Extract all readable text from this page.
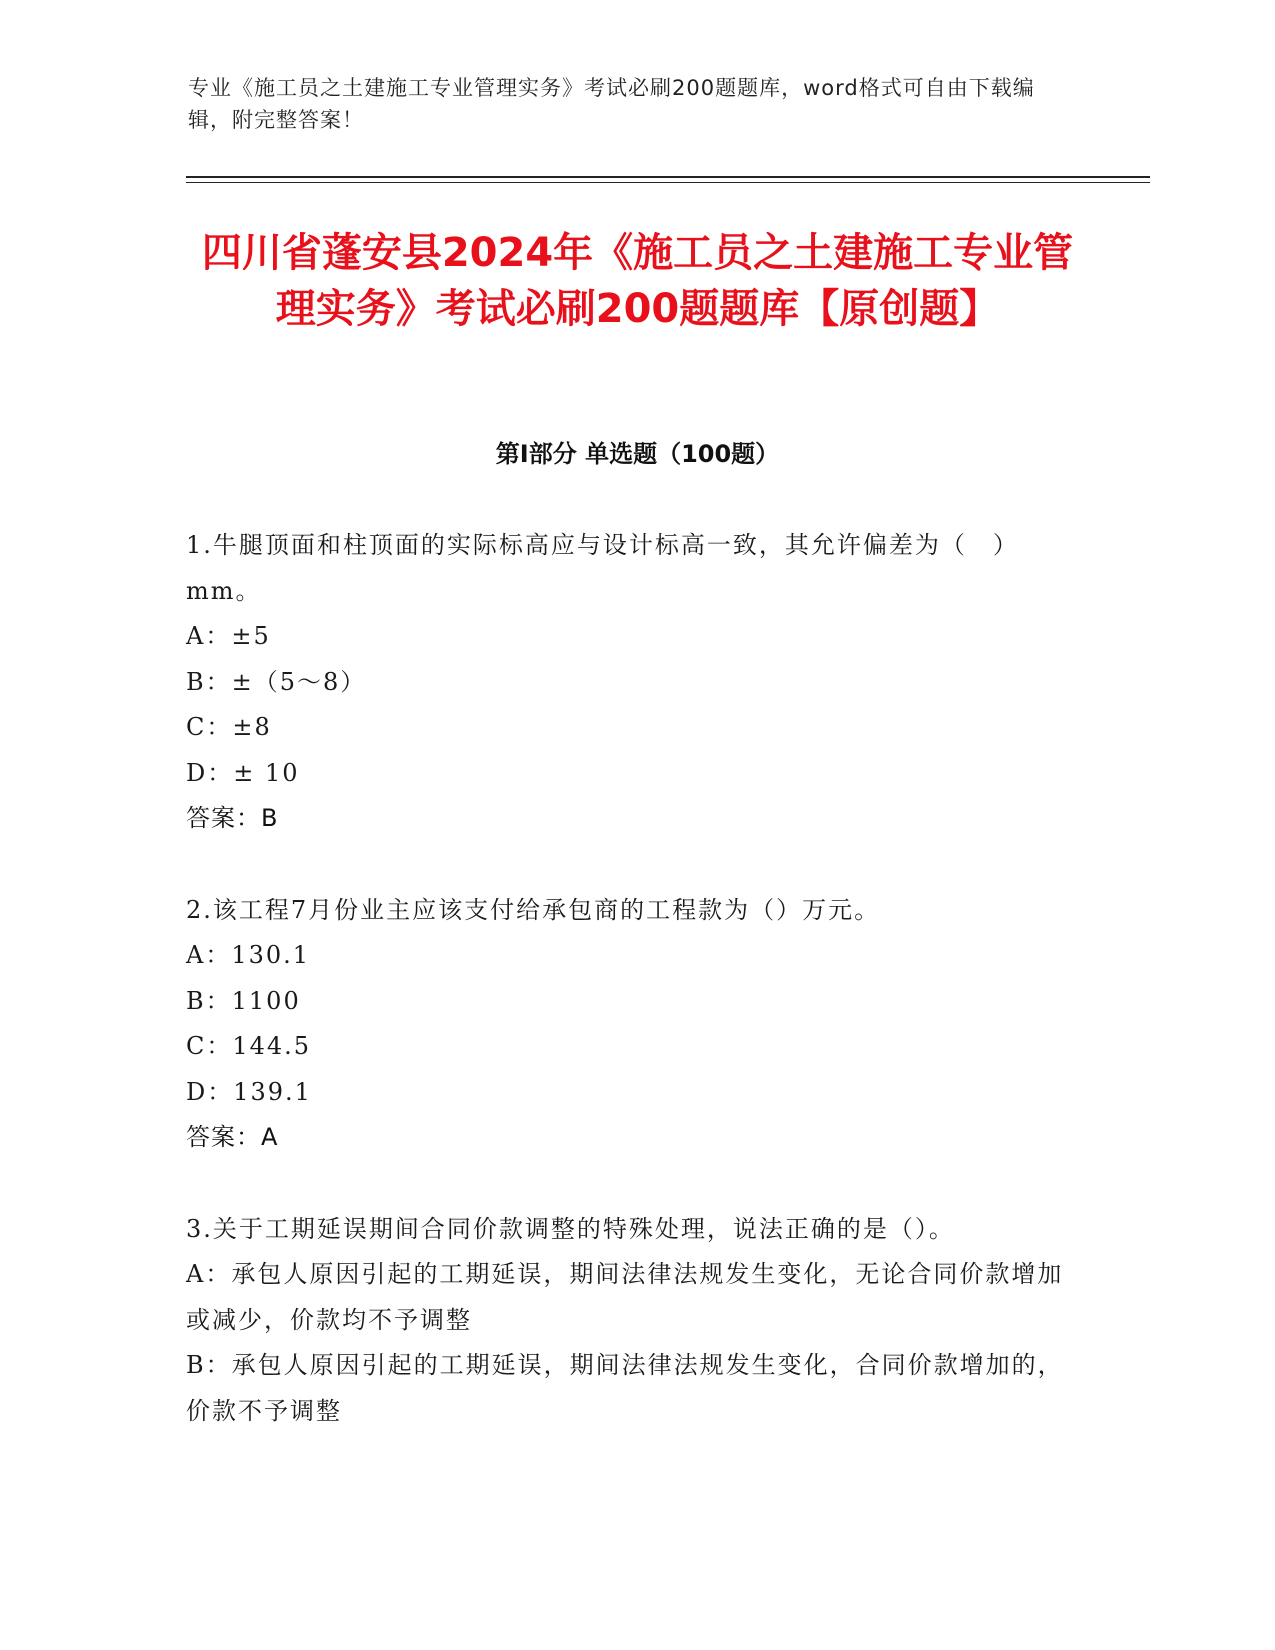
专业《施工员之土建施工专业管理实务》考试必刷200题题库，word格式可自由下载编辑，附完整答案！
四川省蓬安县2024年《施工员之土建施工专业管理实务》考试必刷200题题库【原创题】
第Ⅰ部分 单选题（100题）
1.牛腿顶面和柱顶面的实际标高应与设计标高一致，其允许偏差为（　）mm。
A：±5
B：±（5～8）
C：±8
D：± 10
答案：B
2.该工程7月份业主应该支付给承包商的工程款为（）万元。
A：130.1
B：1100
C：144.5
D：139.1
答案：A
3.关于工期延误期间合同价款调整的特殊处理，说法正确的是（）。
A：承包人原因引起的工期延误，期间法律法规发生变化，无论合同价款增加或减少，价款均不予调整
B：承包人原因引起的工期延误，期间法律法规发生变化，合同价款增加的，价款不予调整
